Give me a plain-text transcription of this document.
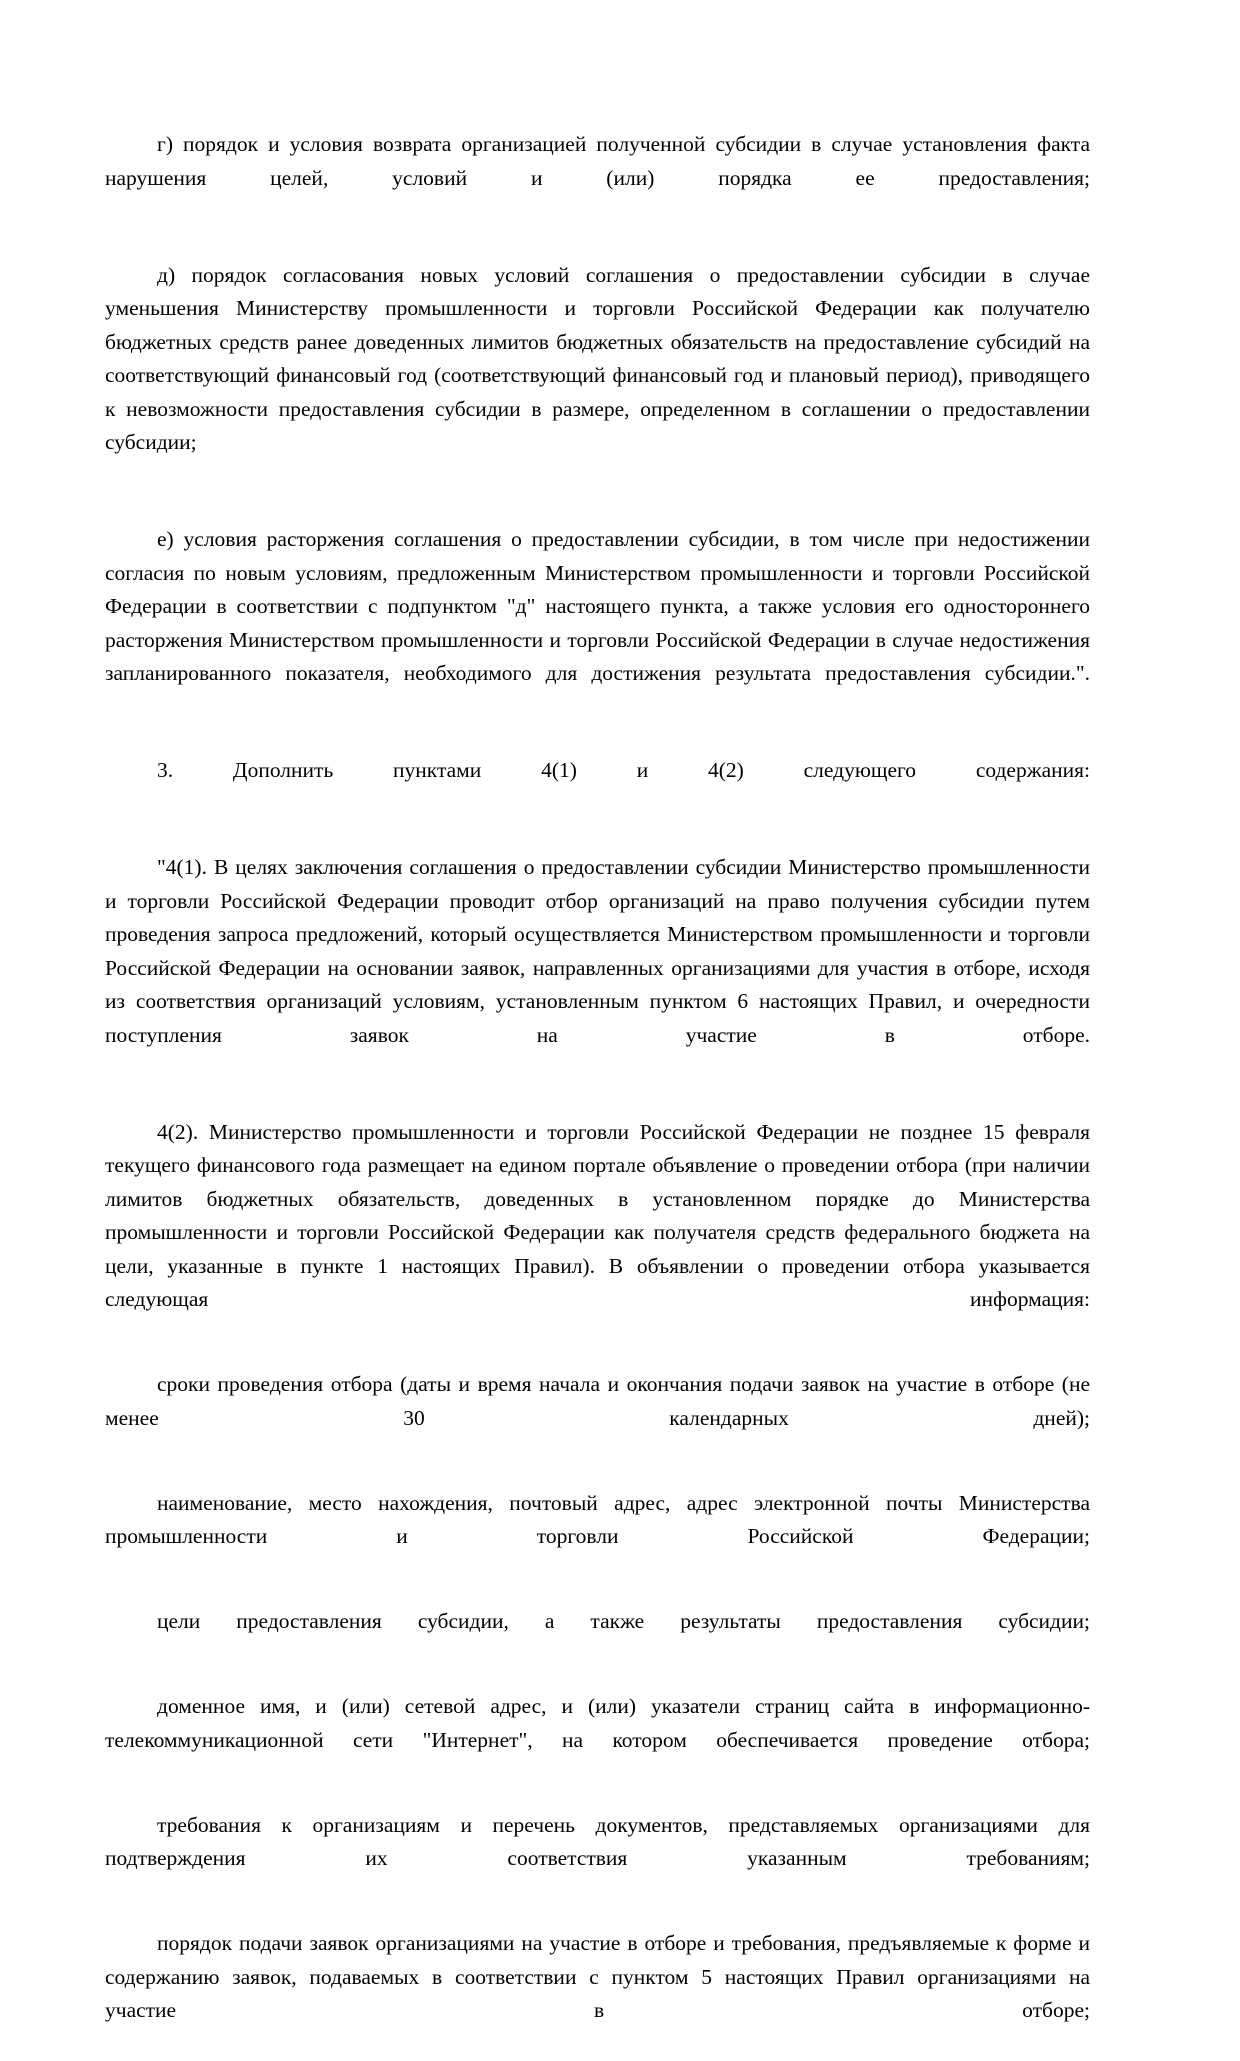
г) порядок и условия возврата организацией полученной субсидии в случае установления факта нарушения целей, условий и (или) порядка ее предоставления;

д) порядок согласования новых условий соглашения о предоставлении субсидии в случае уменьшения Министерству промышленности и торговли Российской Федерации как получателю бюджетных средств ранее доведенных лимитов бюджетных обязательств на предоставление субсидий на соответствующий финансовый год (соответствующий финансовый год и плановый период), приводящего к невозможности предоставления субсидии в размере, определенном в соглашении о предоставлении субсидии;

е) условия расторжения соглашения о предоставлении субсидии, в том числе при недостижении согласия по новым условиям, предложенным Министерством промышленности и торговли Российской Федерации в соответствии с подпунктом "д" настоящего пункта, а также условия его одностороннего расторжения Министерством промышленности и торговли Российской Федерации в случае недостижения запланированного показателя, необходимого для достижения результата предоставления субсидии.".

3. Дополнить пунктами 4(1) и 4(2) следующего содержания:

"4(1). В целях заключения соглашения о предоставлении субсидии Министерство промышленности и торговли Российской Федерации проводит отбор организаций на право получения субсидии путем проведения запроса предложений, который осуществляется Министерством промышленности и торговли Российской Федерации на основании заявок, направленных организациями для участия в отборе, исходя из соответствия организаций условиям, установленным пунктом 6 настоящих Правил, и очередности поступления заявок на участие в отборе.

4(2). Министерство промышленности и торговли Российской Федерации не позднее 15 февраля текущего финансового года размещает на едином портале объявление о проведении отбора (при наличии лимитов бюджетных обязательств, доведенных в установленном порядке до Министерства промышленности и торговли Российской Федерации как получателя средств федерального бюджета на цели, указанные в пункте 1 настоящих Правил). В объявлении о проведении отбора указывается следующая информация:

сроки проведения отбора (даты и время начала и окончания подачи заявок на участие в отборе (не менее 30 календарных дней);

наименование, место нахождения, почтовый адрес, адрес электронной почты Министерства промышленности и торговли Российской Федерации;

цели предоставления субсидии, а также результаты предоставления субсидии;

доменное имя, и (или) сетевой адрес, и (или) указатели страниц сайта в информационно-телекоммуникационной сети "Интернет", на котором обеспечивается проведение отбора;

требования к организациям и перечень документов, представляемых организациями для подтверждения их соответствия указанным требованиям;

порядок подачи заявок организациями на участие в отборе и требования, предъявляемые к форме и содержанию заявок, подаваемых в соответствии с пунктом 5 настоящих Правил организациями на участие в отборе;
